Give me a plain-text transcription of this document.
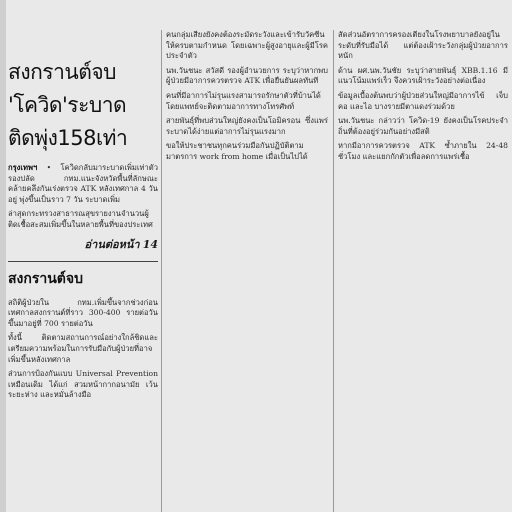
สงกรานต์จบ
'โควิด'ระบาด
ติดพุ่ง158เท่า

กรุงเทพฯ • โควิดกลับมาระบาดเพิ่มเท่าตัว รองปลัด กทม.แนะจังหวัดพื้นที่ลักษณะคล้ายคลึงกันเร่งตรวจ ATK หลังเทศกาล 4 วันอยู่ พุ่งขึ้นเป็นราว 7 วัน ระบาดเพิ่ม

ล่าสุดกระทรวงสาธารณสุขรายงานจำนวนผู้ติดเชื้อสะสมเพิ่มขึ้นในหลายพื้นที่ของประเทศ

อ่านต่อหน้า 14
สงกรานต์จบ

สถิติผู้ป่วยใน กทม.เพิ่มขึ้นจากช่วงก่อนเทศกาลสงกรานต์ที่ราว 300-400 รายต่อวัน ขึ้นมาอยู่ที่ 700 รายต่อวัน

ทั้งนี้ ติดตามสถานการณ์อย่างใกล้ชิดและเตรียมความพร้อมในการรับมือกับผู้ป่วยที่อาจเพิ่มขึ้นหลังเทศกาล

ส่วนการป้องกันแบบ Universal Prevention เหมือนเดิม ได้แก่ สวมหน้ากากอนามัย เว้นระยะห่าง และหมั่นล้างมือ

คนกลุ่มเสี่ยงยังคงต้องระมัดระวังและเข้ารับวัคซีนให้ครบตามกำหนด โดยเฉพาะผู้สูงอายุและผู้มีโรคประจำตัว

นพ.วันชนะ สวัสดี รองผู้อำนวยการ ระบุว่าหากพบผู้ป่วยมีอาการควรตรวจ ATK เพื่อยืนยันผลทันที

คนที่มีอาการไม่รุนแรงสามารถรักษาตัวที่บ้านได้ โดยแพทย์จะติดตามอาการทางโทรศัพท์

สายพันธุ์ที่พบส่วนใหญ่ยังคงเป็นโอมิครอน ซึ่งแพร่ระบาดได้ง่ายแต่อาการไม่รุนแรงมาก

ขอให้ประชาชนทุกคนร่วมมือกันปฏิบัติตามมาตรการ work from home เมื่อเป็นไปได้

สัดส่วนอัตราการครองเตียงในโรงพยาบาลยังอยู่ในระดับที่รับมือได้ แต่ต้องเฝ้าระวังกลุ่มผู้ป่วยอาการหนัก

ด้าน ผศ.นพ.วันชัย ระบุว่าสายพันธุ์ XBB.1.16 มีแนวโน้มแพร่เร็ว จึงควรเฝ้าระวังอย่างต่อเนื่อง

ข้อมูลเบื้องต้นพบว่าผู้ป่วยส่วนใหญ่มีอาการไข้ เจ็บคอ และไอ บางรายมีตาแดงร่วมด้วย

นพ.วันชนะ กล่าวว่า โควิด-19 ยังคงเป็นโรคประจำถิ่นที่ต้องอยู่ร่วมกันอย่างมีสติ

หากมีอาการควรตรวจ ATK ซ้ำภายใน 24-48 ชั่วโมง และแยกกักตัวเพื่อลดการแพร่เชื้อ
